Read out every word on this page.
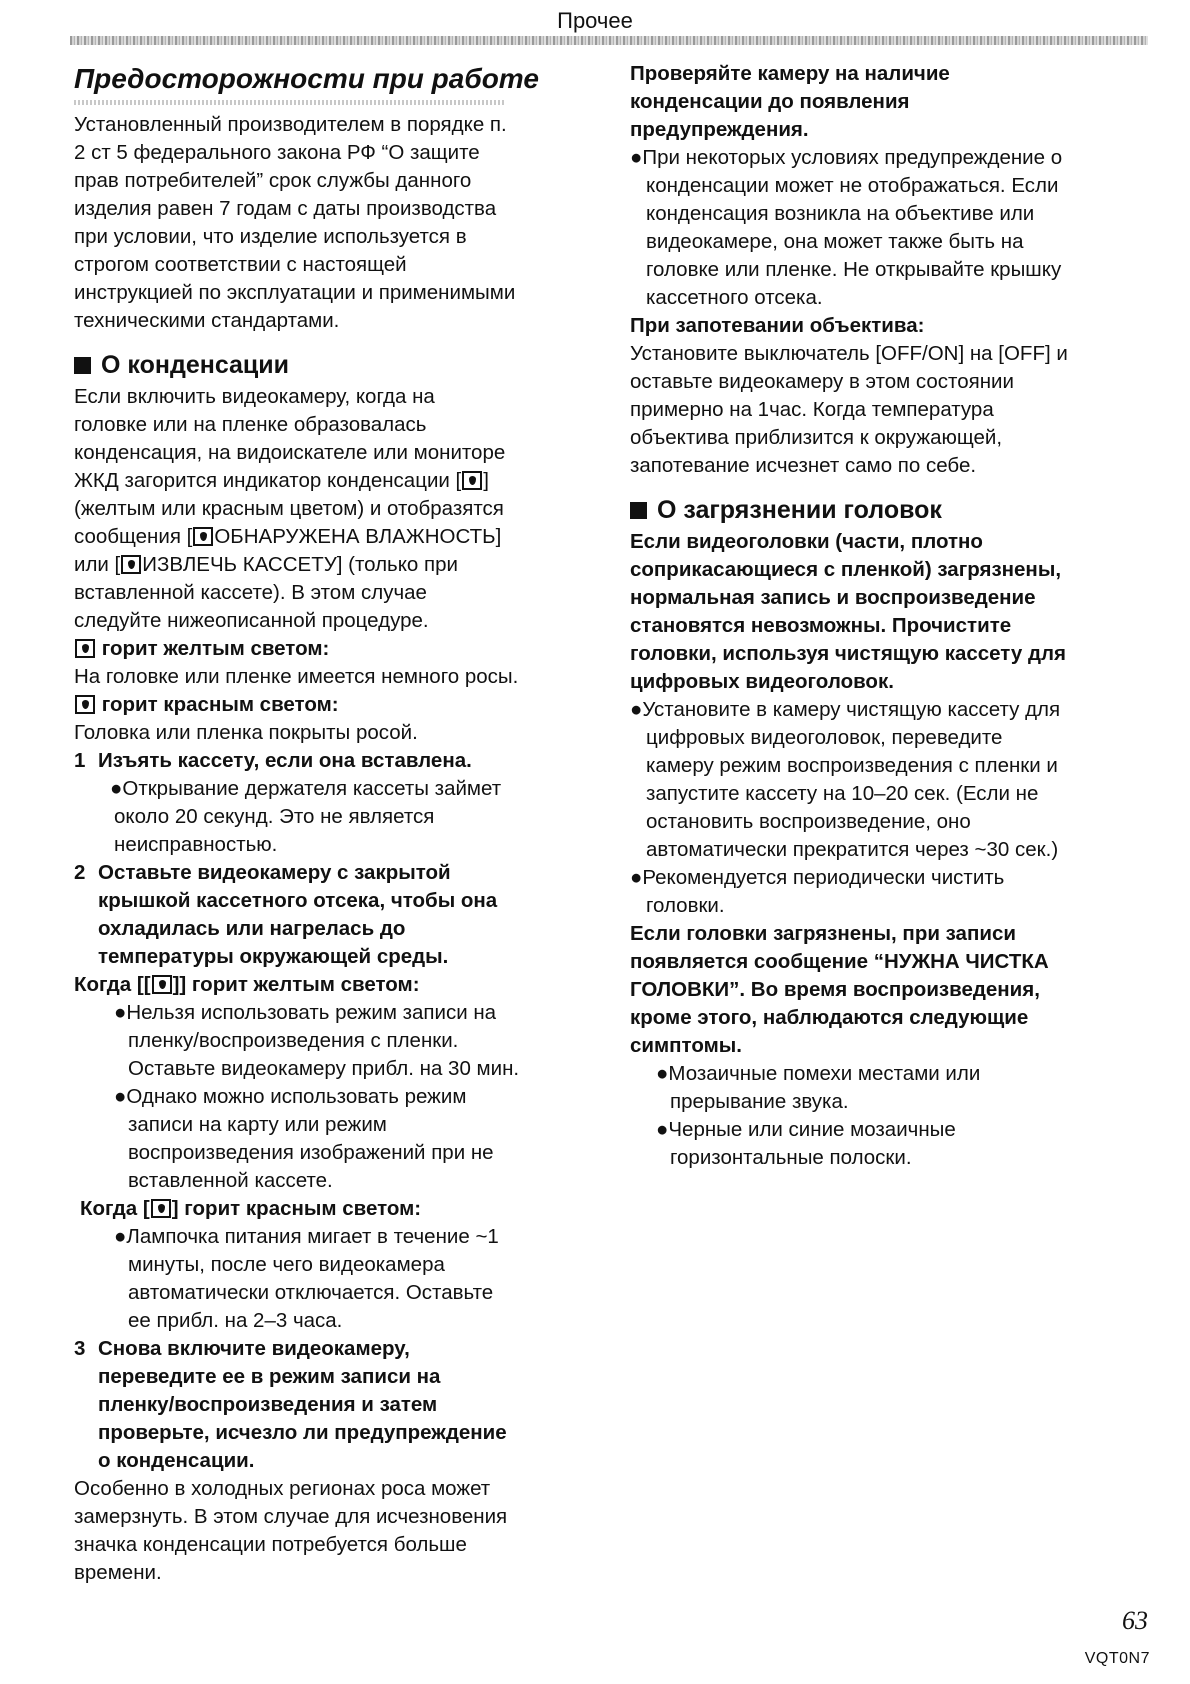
Прочее
Предосторожности при работе

Установленный производителем в порядке п.

2 ст 5 федерального закона РФ “О защите

прав потребителей” срок службы данного

изделия равен 7 годам с даты производства

при условии, что изделие используется в

строгом соответствии с настоящей

инструкцией по эксплуатации и применимыми

техническими стандартами.

О конденсации

Если включить видеокамеру, когда на

головке или на пленке образовалась

конденсация, на видоискателе или мониторе

ЖКД загорится индикатор конденсации [ ]

(желтым или красным цветом) и отобразятся

сообщения [ ОБНАРУЖЕНА ВЛАЖНОСТЬ]

или [ ИЗВЛЕЧЬ КАССЕТУ] (только при

вставленной кассете). В этом случае

следуйте нижеописанной процедуре.

горит желтым светом:

На головке или пленке имеется немного росы.

горит красным светом:

Головка или пленка покрыты росой.

1 Изъять кассету, если она вставлена.

●Открывание держателя кассеты займет

около 20 секунд. Это не является

неисправностью.

2 Оставьте видеокамеру с закрытой
крышкой кассетного отсека, чтобы она
охладилась или нагрелась до
температуры окружающей среды.

Когда [[ ]] горит желтым светом:

●Нельзя использовать режим записи на

пленку/воспроизведения с пленки.

Оставьте видеокамеру прибл. на 30 мин.

●Однако можно использовать режим

записи на карту или режим

воспроизведения изображений при не

вставленной кассете.

Когда [ ] горит красным светом:

●Лампочка питания мигает в течение ~1

минуты, после чего видеокамера

автоматически отключается. Оставьте

ее прибл. на 2–3 часа.

3 Снова включите видеокамеру,
переведите ее в режим записи на
пленку/воспроизведения и затем
проверьте, исчезло ли предупреждение
о конденсации.

Особенно в холодных регионах роса может

замерзнуть. В этом случае для исчезновения

значка конденсации потребуется больше

времени.

Проверяйте камеру на наличие

конденсации до появления

предупреждения.

●При некоторых условиях предупреждение о

конденсации может не отображаться. Если

конденсация возникла на объективе или

видеокамере, она может также быть на

головке или пленке. Не открывайте крышку

кассетного отсека.

При запотевании объектива:

Установите выключатель [OFF/ON] на [OFF] и

оставьте видеокамеру в этом состоянии

примерно на 1час. Когда температура

объектива приблизится к окружающей,

запотевание исчезнет само по себе.

О загрязнении головок

Если видеоголовки (части, плотно

соприкасающиеся с пленкой) загрязнены,

нормальная запись и воспроизведение

становятся невозможны. Прочистите

головки, используя чистящую кассету для

цифровых видеоголовок.

●Установите в камеру чистящую кассету для

цифровых видеоголовок, переведите

камеру режим воспроизведения с пленки и

запустите кассету на 10–20 сек. (Если не

остановить воспроизведение, оно

автоматически прекратится через ~30 сек.)

●Рекомендуется периодически чистить

головки.

Если головки загрязнены, при записи

появляется сообщение “НУЖНА ЧИСТКА

ГОЛОВКИ”. Во время воспроизведения,

кроме этого, наблюдаются следующие

симптомы.

●Мозаичные помехи местами или

прерывание звука.

●Черные или синие мозаичные

горизонтальные полоски.

63
VQT0N7
